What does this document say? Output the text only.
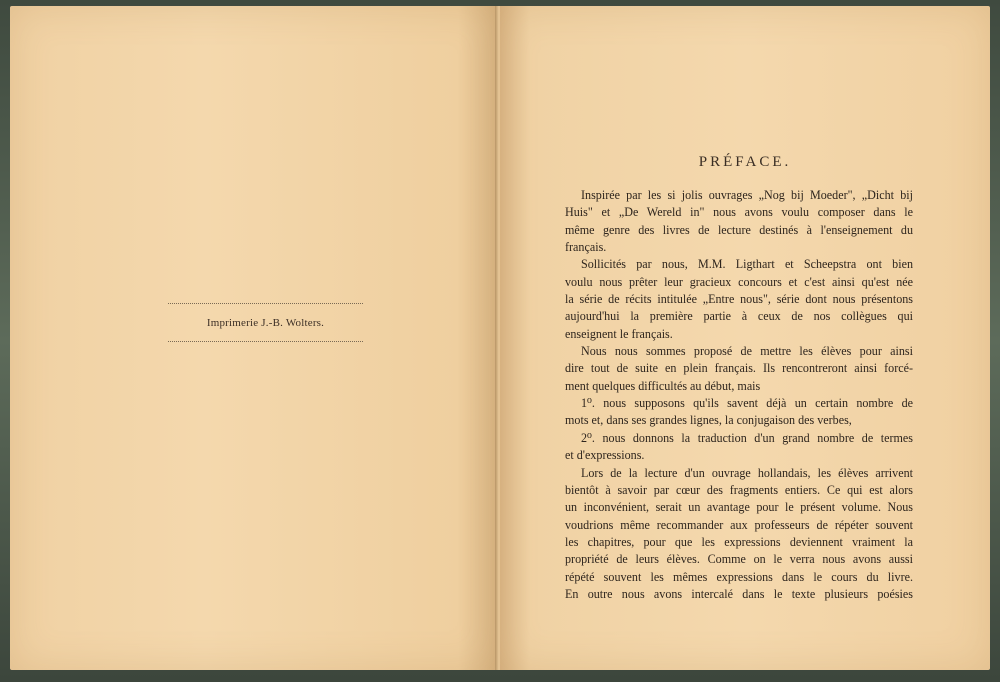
Imprimerie J.-B. Wolters.
PRÉFACE.
Inspirée par les si jolis ouvrages „Nog bij Moeder", „Dicht bij
Huis" et „De Wereld in" nous avons voulu composer dans le
même genre des livres de lecture destinés à l'enseignement du
français.
Sollicités par nous, M.M. Ligthart et Scheepstra ont bien
voulu nous prêter leur gracieux concours et c'est ainsi qu'est née
la série de récits intitulée „Entre nous", série dont nous présentons
aujourd'hui la première partie à ceux de nos collègues qui
enseignent le français.
Nous nous sommes proposé de mettre les élèves pour ainsi
dire tout de suite en plein français. Ils rencontreront ainsi forcé-
ment quelques difficultés au début, mais
1⁰. nous supposons qu'ils savent déjà un certain nombre de
mots et, dans ses grandes lignes, la conjugaison des verbes,
2⁰. nous donnons la traduction d'un grand nombre de termes
et d'expressions.
Lors de la lecture d'un ouvrage hollandais, les élèves arrivent
bientôt à savoir par cœur des fragments entiers. Ce qui est alors
un inconvénient, serait un avantage pour le présent volume. Nous
voudrions même recommander aux professeurs de répéter souvent
les chapitres, pour que les expressions deviennent vraiment la
propriété de leurs élèves. Comme on le verra nous avons aussi
répété souvent les mêmes expressions dans le cours du livre.
En outre nous avons intercalé dans le texte plusieurs poésies
